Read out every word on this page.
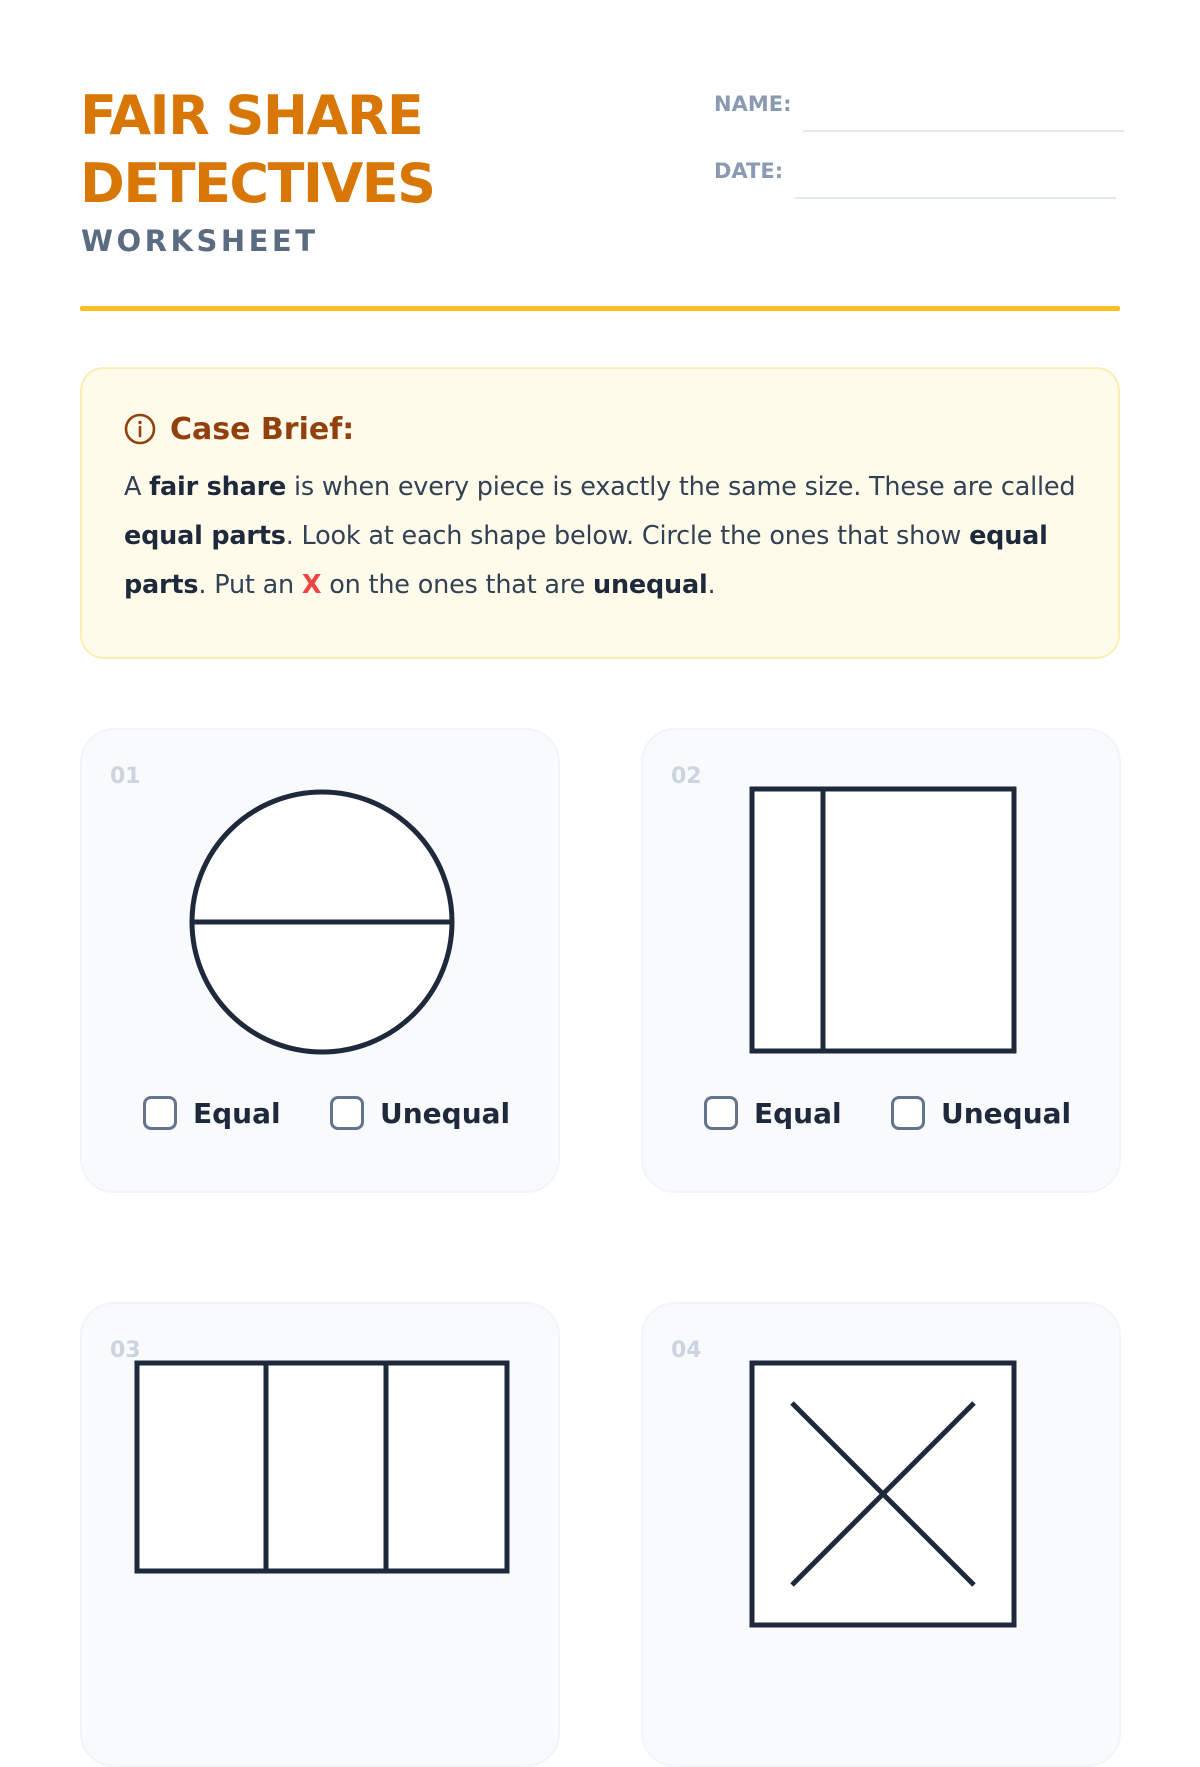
FAIR SHARE
DETECTIVES
WORKSHEET
NAME:
DATE:
Case Brief:

A fair share is when every piece is exactly the same size. These are called equal parts. Look at each shape below. Circle the ones that show equal parts. Put an X on the ones that are unequal.

01
Equal	Unequal
02
Equal	Unequal
03	04
